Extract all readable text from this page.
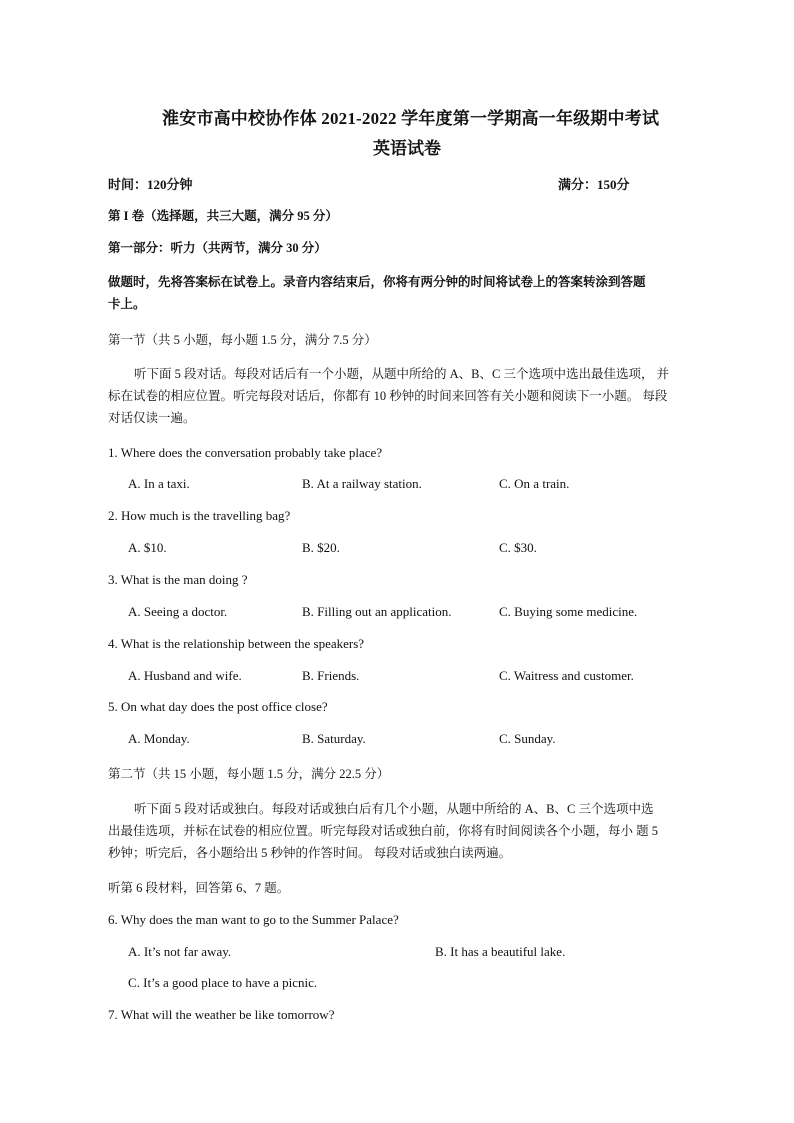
淮安市高中校协作体 2021-2022 学年度第一学期高一年级期中考试
英语试卷
时间：120分钟	满分：150分
第 I 卷（选择题，共三大题，满分 95 分）
第一部分：听力（共两节，满分 30 分）
做题时，先将答案标在试卷上。录音内容结束后，你将有两分钟的时间将试卷上的答案转涂到答题
卡上。
第一节（共 5 小题，每小题 1.5 分，满分 7.5 分）
听下面 5 段对话。每段对话后有一个小题，从题中所给的 A、B、C 三个选项中选出最佳选项， 并
标在试卷的相应位置。听完每段对话后，你都有 10 秒钟的时间来回答有关小题和阅读下一小题。 每段
对话仅读一遍。
1. Where does the conversation probably take place?
A. In a taxi.	B. At a railway station.	C. On a train.
2. How much is the travelling bag?
A. $10.	B. $20.	C. $30.
3. What is the man doing ?
A. Seeing a doctor.	B. Filling out an application.	C. Buying some medicine.
4. What is the relationship between the speakers?
A. Husband and wife.	B. Friends.	C. Waitress and customer.
5. On what day does the post office close?
A. Monday.	B. Saturday.	C. Sunday.
第二节（共 15 小题，每小题 1.5 分，满分 22.5 分）
听下面 5 段对话或独白。每段对话或独白后有几个小题，从题中所给的 A、B、C 三个选项中选
出最佳选项，并标在试卷的相应位置。听完每段对话或独白前，你将有时间阅读各个小题，每小 题 5
秒钟；听完后，各小题给出 5 秒钟的作答时间。 每段对话或独白读两遍。
听第 6 段材料，回答第 6、7 题。
6. Why does the man want to go to the Summer Palace?
A. It’s not far away.	B. It has a beautiful lake.
C. It’s a good place to have a picnic.
7. What will the weather be like tomorrow?
